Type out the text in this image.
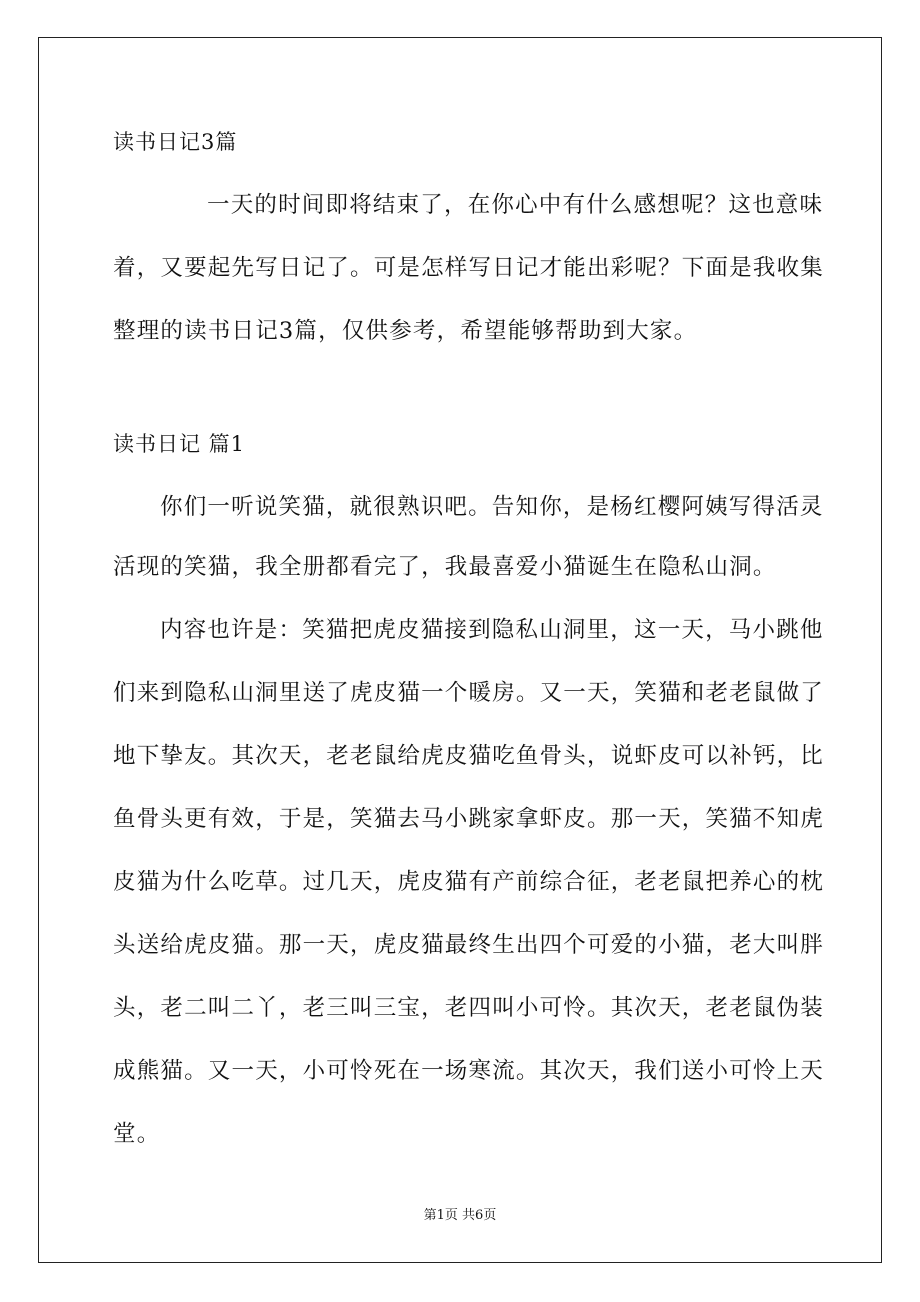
读书日记3篇
一天的时间即将结束了，在你心中有什么感想呢？这也意味
着，又要起先写日记了。可是怎样写日记才能出彩呢？下面是我收集
整理的读书日记3篇，仅供参考，希望能够帮助到大家。
读书日记 篇1
你们一听说笑猫，就很熟识吧。告知你，是杨红樱阿姨写得活灵
活现的笑猫，我全册都看完了，我最喜爱小猫诞生在隐私山洞。
内容也许是：笑猫把虎皮猫接到隐私山洞里，这一天，马小跳他
们来到隐私山洞里送了虎皮猫一个暖房。又一天，笑猫和老老鼠做了
地下挚友。其次天，老老鼠给虎皮猫吃鱼骨头，说虾皮可以补钙，比
鱼骨头更有效，于是，笑猫去马小跳家拿虾皮。那一天，笑猫不知虎
皮猫为什么吃草。过几天，虎皮猫有产前综合征，老老鼠把养心的枕
头送给虎皮猫。那一天，虎皮猫最终生出四个可爱的小猫，老大叫胖
头，老二叫二丫，老三叫三宝，老四叫小可怜。其次天，老老鼠伪装
成熊猫。又一天，小可怜死在一场寒流。其次天，我们送小可怜上天
堂。
第1页 共6页
